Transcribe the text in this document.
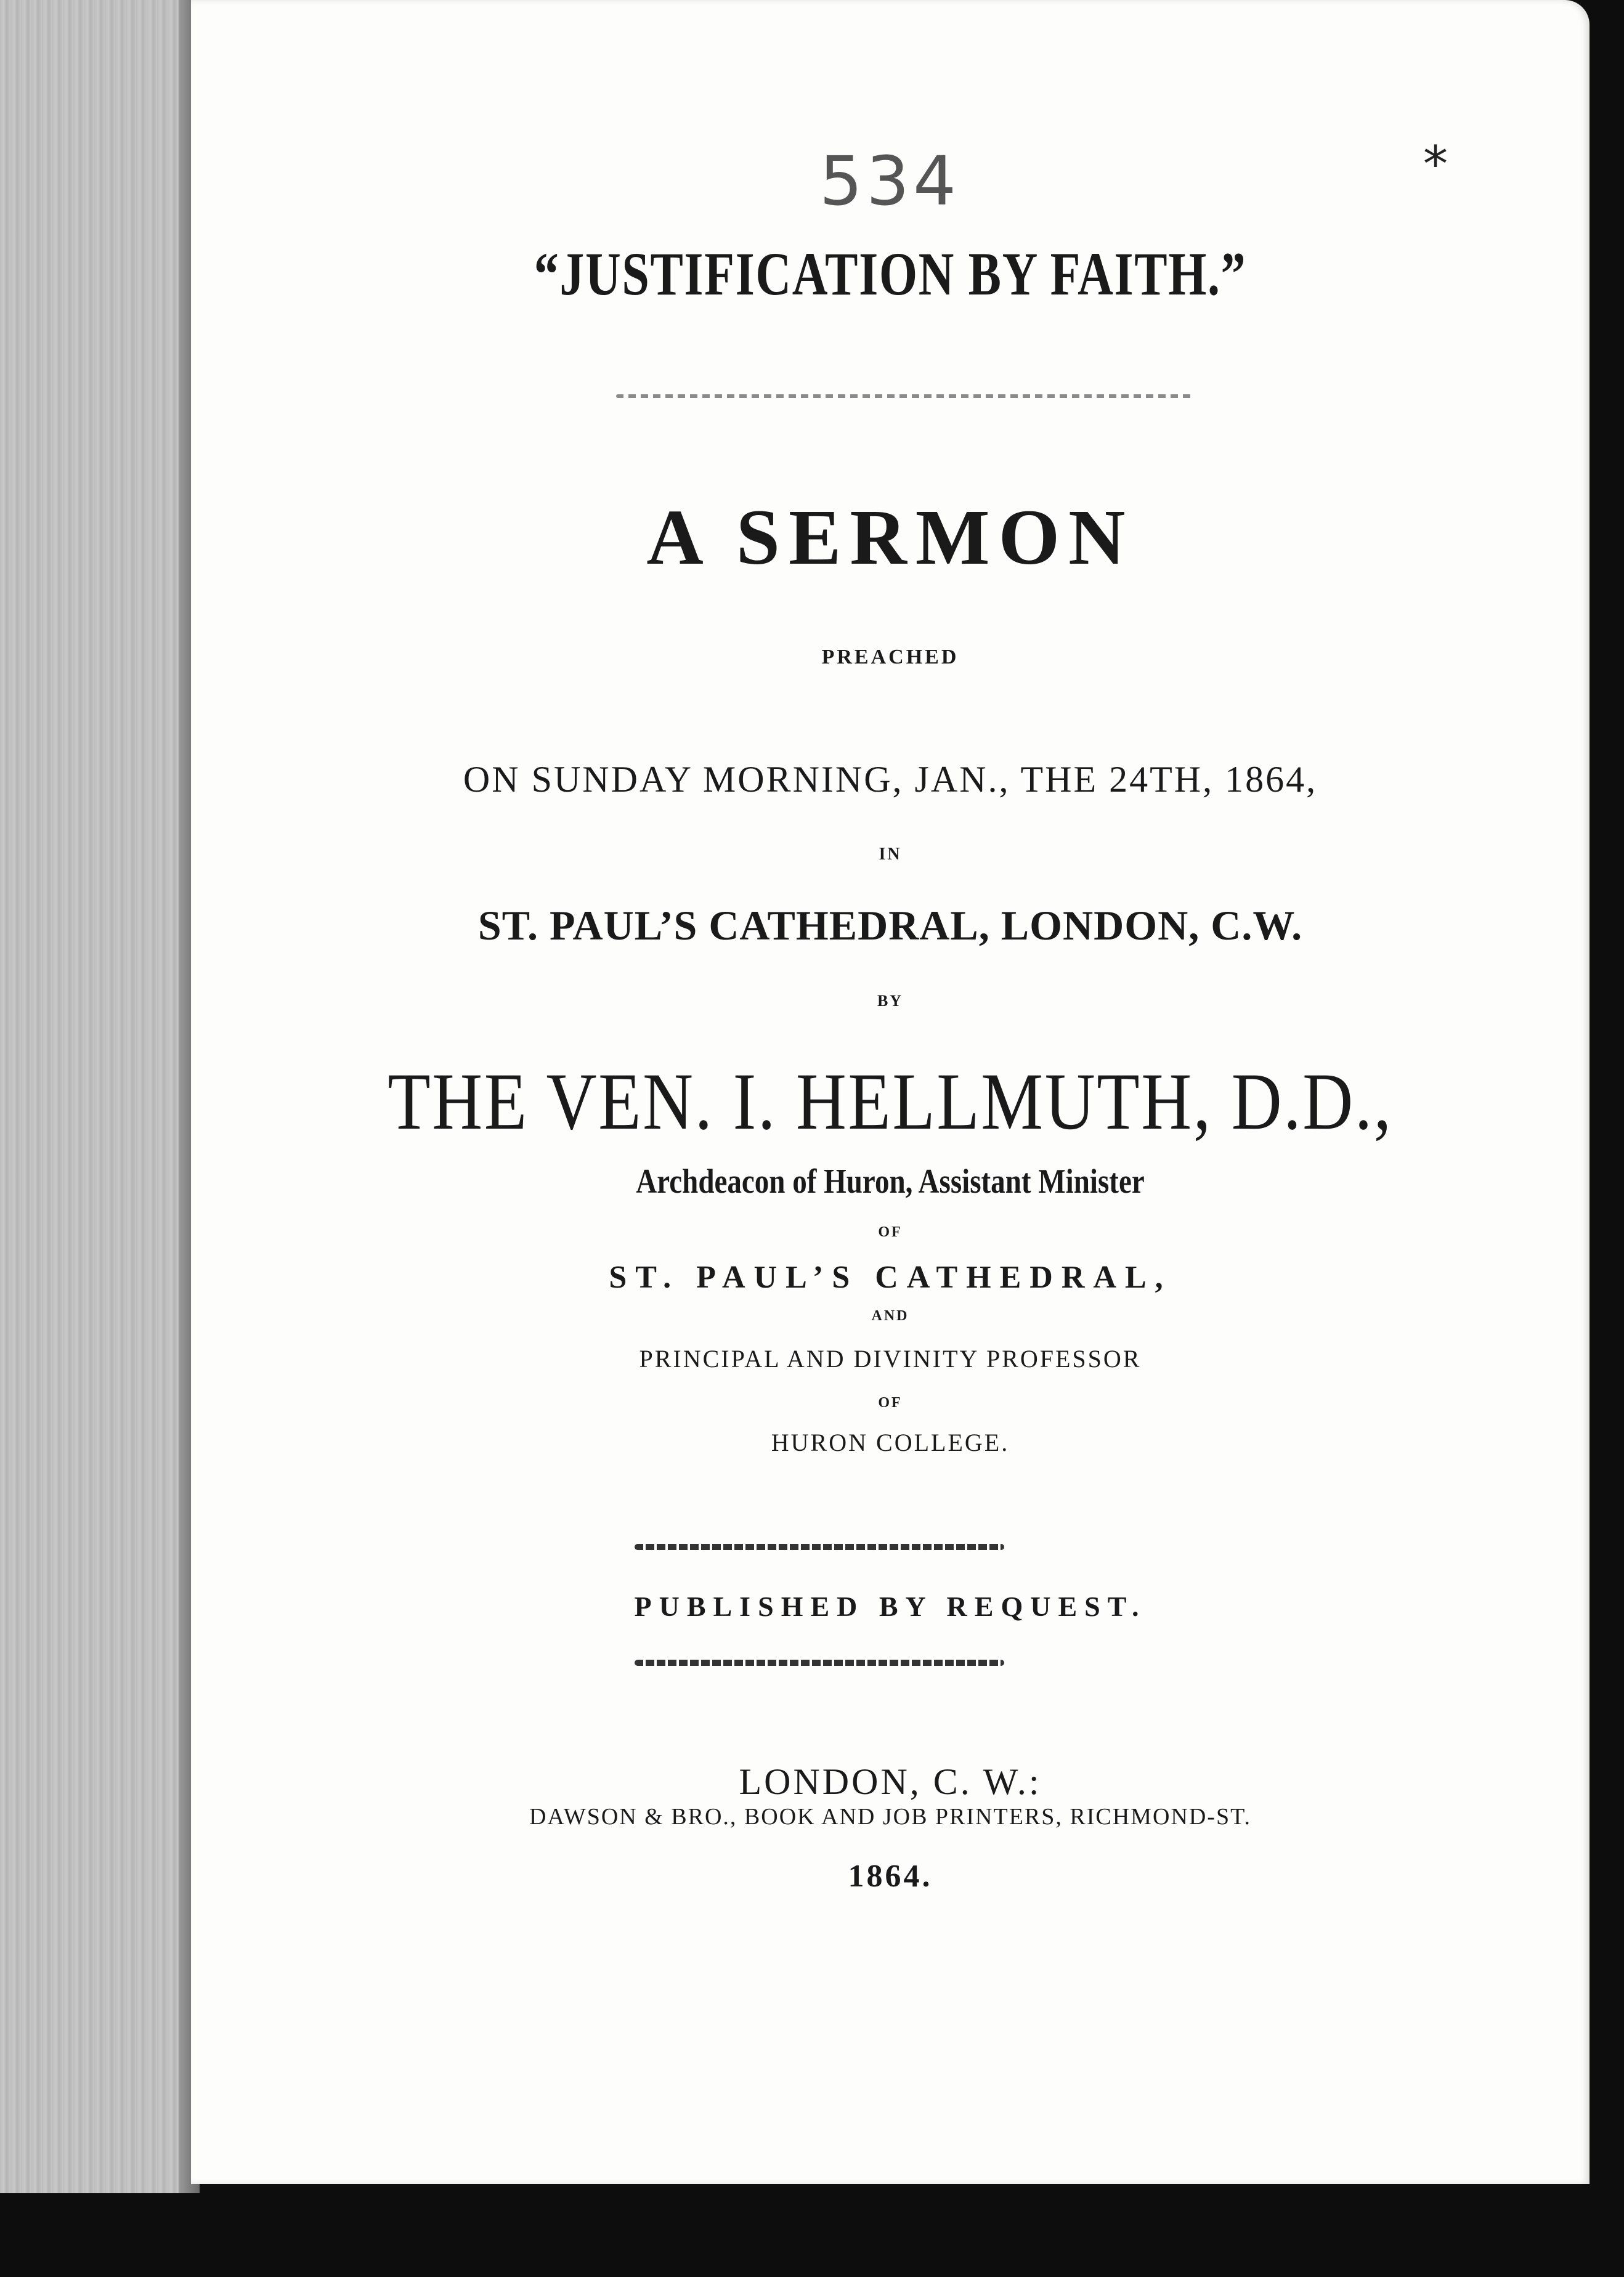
534	*
“JUSTIFICATION BY FAITH.”
A SERMON
PREACHED
ON SUNDAY MORNING, JAN., THE 24TH, 1864,
IN
ST. PAUL’S CATHEDRAL, LONDON, C.W.
BY
THE VEN. I. HELLMUTH, D.D.,
Archdeacon of Huron, Assistant Minister
OF
ST. PAUL’S CATHEDRAL,
AND
PRINCIPAL AND DIVINITY PROFESSOR
OF
HURON COLLEGE.
PUBLISHED BY REQUEST.
LONDON, C. W.:
DAWSON & BRO., BOOK AND JOB PRINTERS, RICHMOND-ST.
1864.
